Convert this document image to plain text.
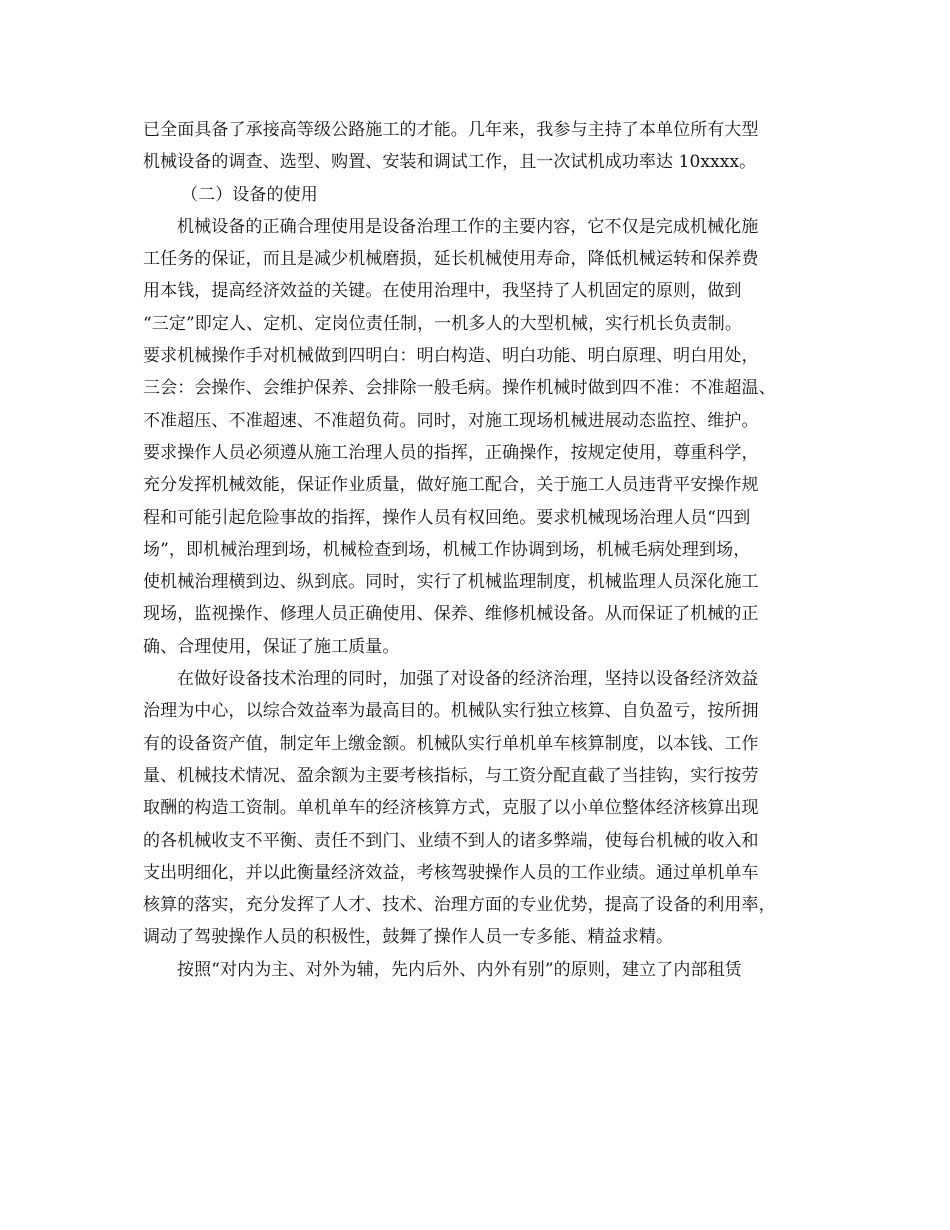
已全面具备了承接高等级公路施工的才能。几年来，我参与主持了本单位所有大型
机械设备的调查、选型、购置、安装和调试工作，且一次试机成功率达 10xxxx。
（二）设备的使用
机械设备的正确合理使用是设备治理工作的主要内容，它不仅是完成机械化施
工任务的保证，而且是减少机械磨损，延长机械使用寿命，降低机械运转和保养费
用本钱，提高经济效益的关键。在使用治理中，我坚持了人机固定的原则，做到
“三定”即定人、定机、定岗位责任制，一机多人的大型机械，实行机长负责制。
要求机械操作手对机械做到四明白：明白构造、明白功能、明白原理、明白用处，
三会：会操作、会维护保养、会排除一般毛病。操作机械时做到四不准：不准超温、
不准超压、不准超速、不准超负荷。同时，对施工现场机械进展动态监控、维护。
要求操作人员必须遵从施工治理人员的指挥，正确操作，按规定使用，尊重科学，
充分发挥机械效能，保证作业质量，做好施工配合，关于施工人员违背平安操作规
程和可能引起危险事故的指挥，操作人员有权回绝。要求机械现场治理人员“四到
场”，即机械治理到场，机械检查到场，机械工作协调到场，机械毛病处理到场，
使机械治理横到边、纵到底。同时，实行了机械监理制度，机械监理人员深化施工
现场，监视操作、修理人员正确使用、保养、维修机械设备。从而保证了机械的正
确、合理使用，保证了施工质量。
在做好设备技术治理的同时，加强了对设备的经济治理，坚持以设备经济效益
治理为中心，以综合效益率为最高目的。机械队实行独立核算、自负盈亏，按所拥
有的设备资产值，制定年上缴金额。机械队实行单机单车核算制度，以本钱、工作
量、机械技术情况、盈余额为主要考核指标，与工资分配直截了当挂钩，实行按劳
取酬的构造工资制。单机单车的经济核算方式，克服了以小单位整体经济核算出现
的各机械收支不平衡、责任不到门、业绩不到人的诸多弊端，使每台机械的收入和
支出明细化，并以此衡量经济效益，考核驾驶操作人员的工作业绩。通过单机单车
核算的落实，充分发挥了人才、技术、治理方面的专业优势，提高了设备的利用率，
调动了驾驶操作人员的积极性，鼓舞了操作人员一专多能、精益求精。
按照“对内为主、对外为辅，先内后外、内外有别”的原则，建立了内部租赁
